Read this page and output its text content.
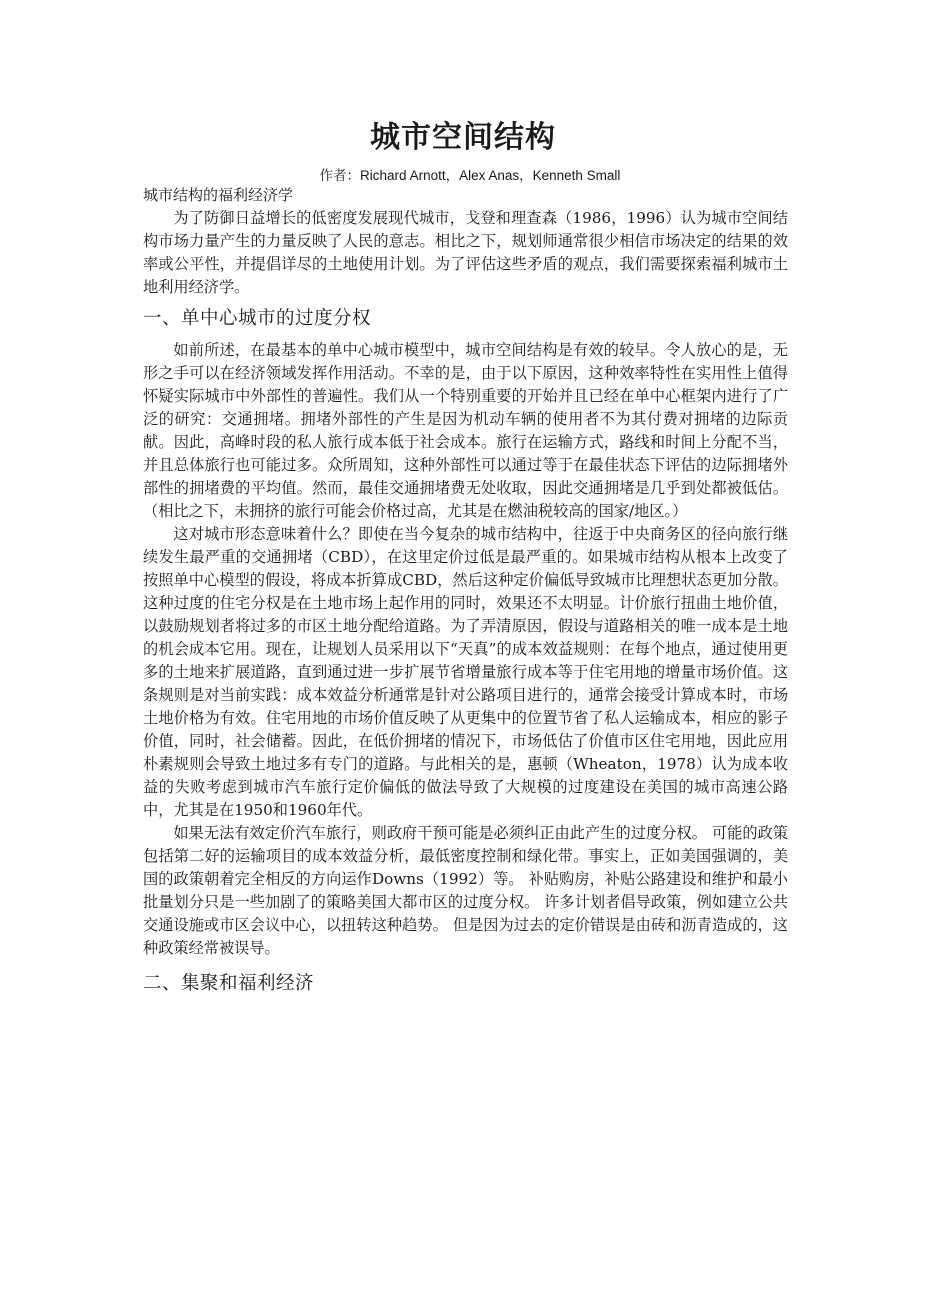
城市空间结构
作者：Richard Arnott，Alex Anas，Kenneth Small
城市结构的福利经济学

为了防御日益增长的低密度发展现代城市，戈登和理查森（1986，1996）认为城市空间结构市场力量产生的力量反映了人民的意志。相比之下，规划师通常很少相信市场决定的结果的效率或公平性，并提倡详尽的土地使用计划。为了评估这些矛盾的观点，我们需要探索福利城市土地利用经济学。

一、单中心城市的过度分权

如前所述，在最基本的单中心城市模型中，城市空间结构是有效的较早。令人放心的是，无形之手可以在经济领域发挥作用活动。不幸的是，由于以下原因，这种效率特性在实用性上值得怀疑实际城市中外部性的普遍性。我们从一个特别重要的开始并且已经在单中心框架内进行了广泛的研究：交通拥堵。拥堵外部性的产生是因为机动车辆的使用者不为其付费对拥堵的边际贡献。因此，高峰时段的私人旅行成本低于社会成本。旅行在运输方式，路线和时间上分配不当，并且总体旅行也可能过多。众所周知，这种外部性可以通过等于在最佳状态下评估的边际拥堵外部性的拥堵费的平均值。然而，最佳交通拥堵费无处收取，因此交通拥堵是几乎到处都被低估。（相比之下，未拥挤的旅行可能会价格过高，尤其是在燃油税较高的国家/地区。）

这对城市形态意味着什么？即使在当今复杂的城市结构中，往返于中央商务区的径向旅行继续发生最严重的交通拥堵（CBD），在这里定价过低是最严重的。如果城市结构从根本上改变了按照单中心模型的假设，将成本折算成CBD，然后这种定价偏低导致城市比理想状态更加分散。这种过度的住宅分权是在土地市场上起作用的同时，效果还不太明显。计价旅行扭曲土地价值，以鼓励规划者将过多的市区土地分配给道路。为了弄清原因，假设与道路相关的唯一成本是土地的机会成本它用。现在，让规划人员采用以下“天真”的成本效益规则：在每个地点，通过使用更多的土地来扩展道路，直到通过进一步扩展节省增量旅行成本等于住宅用地的增量市场价值。这条规则是对当前实践：成本效益分析通常是针对公路项目进行的，通常会接受计算成本时，市场土地价格为有效。住宅用地的市场价值反映了从更集中的位置节省了私人运输成本，相应的影子价值，同时，社会储蓄。因此，在低价拥堵的情况下，市场低估了价值市区住宅用地，因此应用朴素规则会导致土地过多有专门的道路。与此相关的是，惠顿（Wheaton，1978）认为成本收益的失败考虑到城市汽车旅行定价偏低的做法导致了大规模的过度建设在美国的城市高速公路中，尤其是在1950和1960年代。

如果无法有效定价汽车旅行，则政府干预可能是必须纠正由此产生的过度分权。 可能的政策包括第二好的运输项目的成本效益分析，最低密度控制和绿化带。事实上，正如美国强调的，美国的政策朝着完全相反的方向运作Downs（1992）等。 补贴购房，补贴公路建设和维护和最小批量划分只是一些加剧了的策略美国大都市区的过度分权。 许多计划者倡导政策，例如建立公共交通设施或市区会议中心，以扭转这种趋势。 但是因为过去的定价错误是由砖和沥青造成的，这种政策经常被误导。

二、集聚和福利经济
